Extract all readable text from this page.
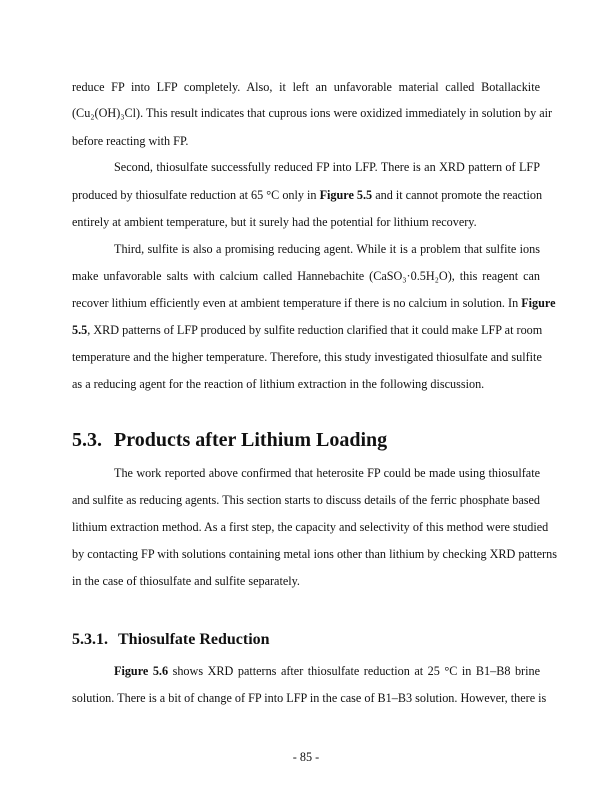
reduce FP into LFP completely. Also, it left an unfavorable material called Botallackite
(Cu₂(OH)₃Cl). This result indicates that cuprous ions were oxidized immediately in solution by air
before reacting with FP.
Second, thiosulfate successfully reduced FP into LFP. There is an XRD pattern of LFP
produced by thiosulfate reduction at 65 °C only in Figure 5.5 and it cannot promote the reaction
entirely at ambient temperature, but it surely had the potential for lithium recovery.
Third, sulfite is also a promising reducing agent. While it is a problem that sulfite ions
make unfavorable salts with calcium called Hannebachite (CaSO₃·0.5H₂O), this reagent can
recover lithium efficiently even at ambient temperature if there is no calcium in solution. In Figure
5.5, XRD patterns of LFP produced by sulfite reduction clarified that it could make LFP at room
temperature and the higher temperature. Therefore, this study investigated thiosulfate and sulfite
as a reducing agent for the reaction of lithium extraction in the following discussion.
5.3. Products after Lithium Loading
The work reported above confirmed that heterosite FP could be made using thiosulfate
and sulfite as reducing agents. This section starts to discuss details of the ferric phosphate based
lithium extraction method. As a first step, the capacity and selectivity of this method were studied
by contacting FP with solutions containing metal ions other than lithium by checking XRD patterns
in the case of thiosulfate and sulfite separately.
5.3.1. Thiosulfate Reduction
Figure 5.6 shows XRD patterns after thiosulfate reduction at 25 °C in B1–B8 brine
solution. There is a bit of change of FP into LFP in the case of B1–B3 solution. However, there is
- 85 -
